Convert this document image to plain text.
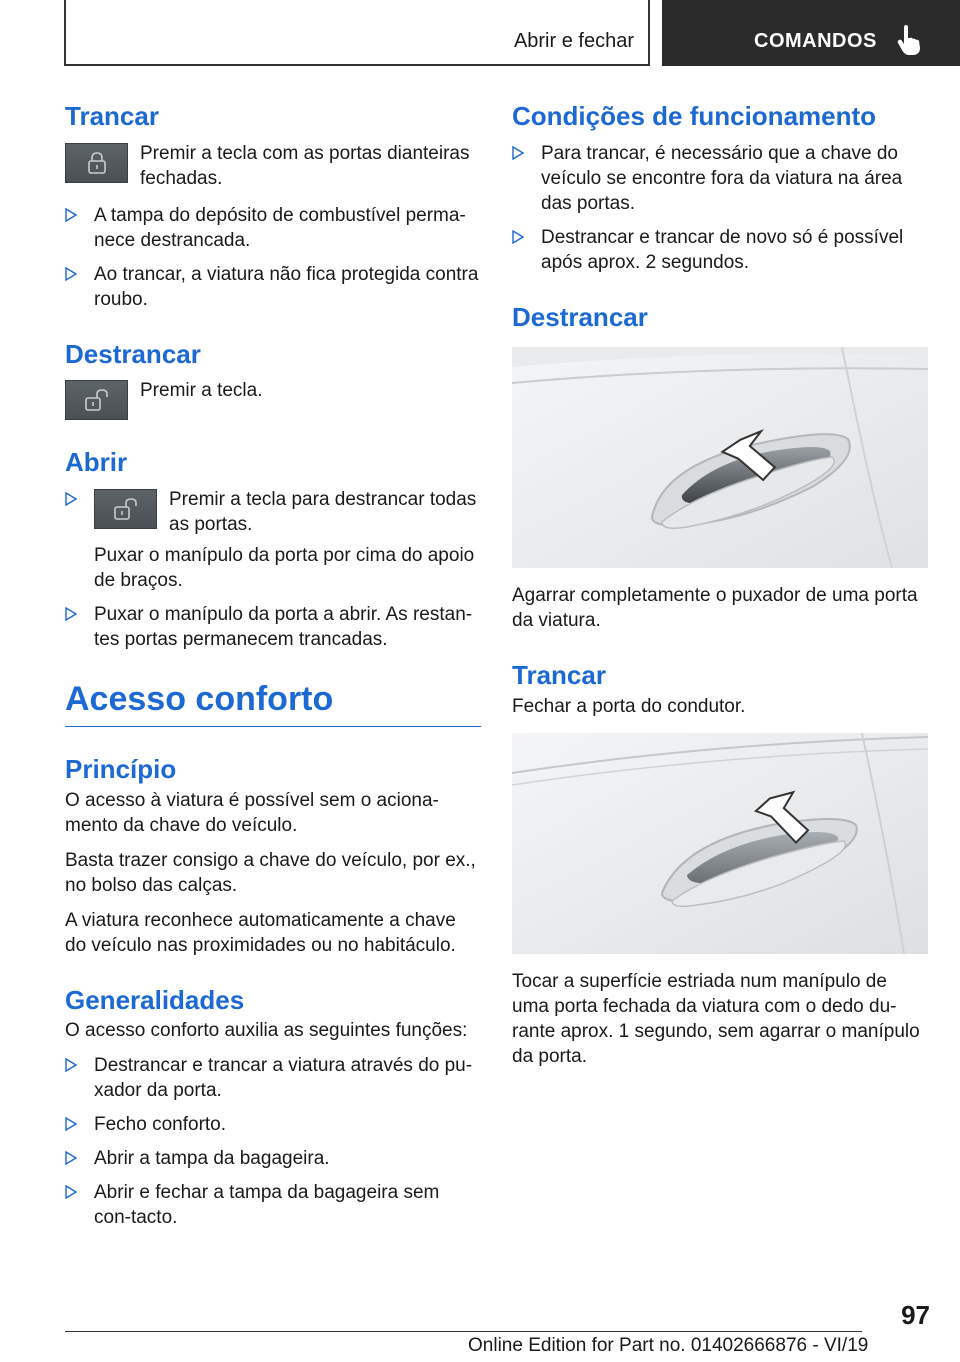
Abrir e fechar	COMANDOS
Trancar

Premir a tecla com as portas dianteiras fechadas.

A tampa do depósito de combustível perma‐nece destrancada.
Ao trancar, a viatura não fica protegida contra roubo.
Destrancar

Premir a tecla.

Abrir
Premir a tecla para destrancar todas as portas.

Puxar o manípulo da porta por cima do apoio de braços.

Puxar o manípulo da porta a abrir. As restan‐tes portas permanecem trancadas.
Acesso conforto
Princípio

O acesso à viatura é possível sem o aciona‐mento da chave do veículo.

Basta trazer consigo a chave do veículo, por ex., no bolso das calças.

A viatura reconhece automaticamente a chave do veículo nas proximidades ou no habitáculo.

Generalidades

O acesso conforto auxilia as seguintes funções:

Destrancar e trancar a viatura através do pu‐xador da porta.
Fecho conforto.
Abrir a tampa da bagageira.
Abrir e fechar a tampa da bagageira sem con‐tacto.
Condições de funcionamento
Para trancar, é necessário que a chave do veículo se encontre fora da viatura na área das portas.
Destrancar e trancar de novo só é possível após aprox. 2 segundos.
Destrancar

Agarrar completamente o puxador de uma porta da viatura.

Trancar

Fechar a porta do condutor.

Tocar a superfície estriada num manípulo de uma porta fechada da viatura com o dedo du‐rante aprox. 1 segundo, sem agarrar o manípulo da porta.

97
Online Edition for Part no. 01402666876 - VI/19
